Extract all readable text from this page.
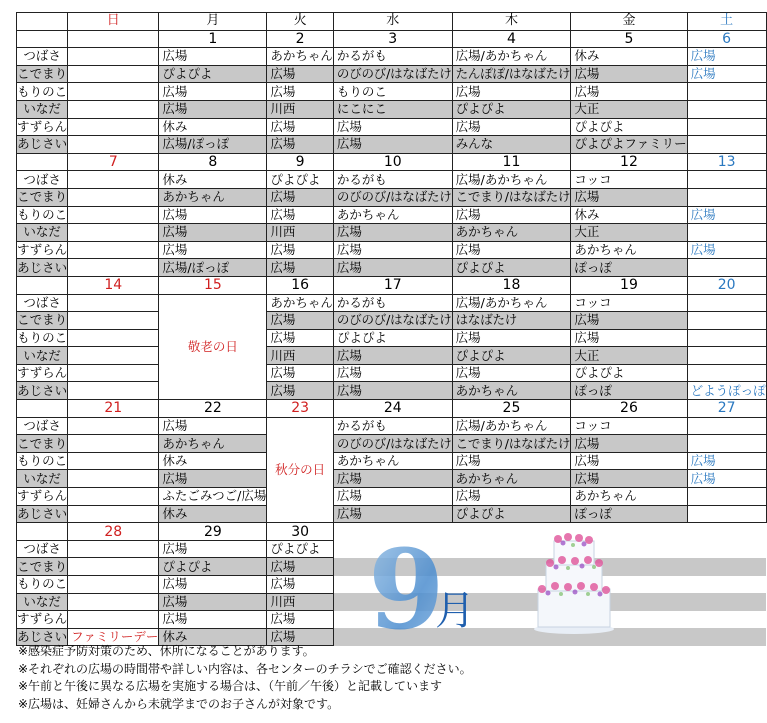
	日	月	火	水	木	金	土
		1	2	3	4	5	6
つばさ		広場	あかちゃん	かるがも	広場/あかちゃん	休み	広場
こでまり		ぴよぴよ	広場	のびのび/はなばたけ	たんぽぽ/はなばたけ	広場	広場
もりのこ		広場	広場	もりのこ	広場	広場	
いなだ		広場	川西	にこにこ	ぴよぴよ	大正	
すずらん		休み	広場	広場	広場	ぴよぴよ	
あじさい		広場/ぽっぽ	広場	広場	みんな	ぴよぴよファミリー	
	7	8	9	10	11	12	13
つばさ		休み	ぴよぴよ	かるがも	広場/あかちゃん	コッコ	
こでまり		あかちゃん	広場	のびのび/はなばたけ	こでまり/はなばたけ	広場	
もりのこ		広場	広場	あかちゃん	広場	休み	広場
いなだ		広場	川西	広場	あかちゃん	大正	
すずらん		広場	広場	広場	広場	あかちゃん	広場
あじさい		広場/ぽっぽ	広場	広場	ぴよぴよ	ぽっぽ	
	14	15	16	17	18	19	20
つばさ		敬老の日	あかちゃん	かるがも	広場/あかちゃん	コッコ	
こでまり			広場	のびのび/はなばたけ	はなばたけ	広場	
もりのこ			広場	ぴよぴよ	広場	広場	
いなだ			川西	広場	ぴよぴよ	大正	
すずらん			広場	広場	広場	ぴよぴよ	
あじさい			広場	広場	あかちゃん	ぽっぽ	どようぽっぽ
	21	22	23	24	25	26	27
つばさ		広場	秋分の日	かるがも	広場/あかちゃん	コッコ	
こでまり		あかちゃん		のびのび/はなばたけ	こでまり/はなばたけ	広場	
もりのこ		休み		あかちゃん	広場	広場	広場
いなだ		広場		広場	あかちゃん	広場	広場
すずらん		ふたごみつご/広場		広場	広場	あかちゃん	
あじさい		休み		広場	ぴよぴよ	ぽっぽ	
	28	29	30				
つばさ		広場	ぴよぴよ				
こでまり		ぴよぴよ	広場				
もりのこ		広場	広場				
いなだ		広場	川西				
すずらん		広場	広場				
あじさい	ファミリーデー	休み	広場				
※感染症予防対策のため、休所になることがあります。
※それぞれの広場の時間帯や詳しい内容は、各センターのチラシでご確認ください。
※午前と午後に異なる広場を実施する場合は、（午前／午後）と記載しています
※広場は、妊婦さんから未就学までのお子さんが対象です。
9
月
